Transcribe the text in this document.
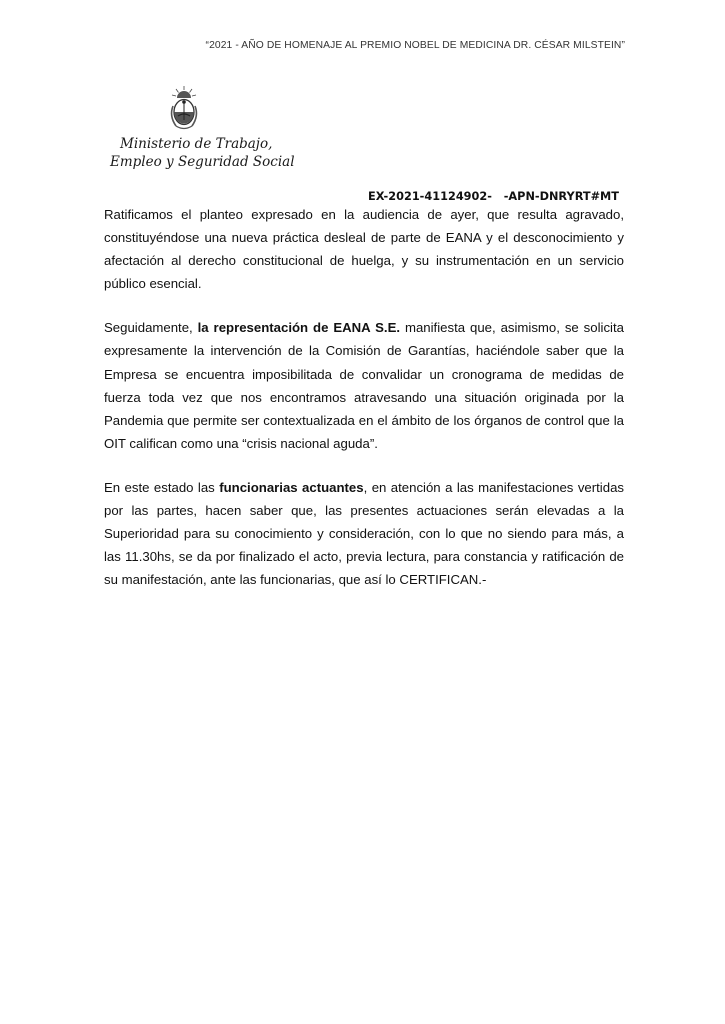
“2021 - AÑO DE HOMENAJE AL PREMIO NOBEL DE MEDICINA DR. CÉSAR MILSTEIN”
Ministerio de Trabajo,
Empleo y Seguridad Social
EX-2021-41124902-   -APN-DNRYRT#MT

Ratificamos el planteo expresado en la audiencia de ayer, que resulta agravado, constituyéndose una nueva práctica desleal de parte de EANA y el desconocimiento y afectación al derecho constitucional de huelga, y su instrumentación en un servicio público esencial.

Seguidamente, la representación de EANA S.E. manifiesta que, asimismo, se solicita expresamente la intervención de la Comisión de Garantías, haciéndole saber que la Empresa se encuentra imposibilitada de convalidar un cronograma de medidas de fuerza toda vez que nos encontramos atravesando una situación originada por la Pandemia que permite ser contextualizada en el ámbito de los órganos de control que la OIT califican como una “crisis nacional aguda”.

En este estado las funcionarias actuantes, en atención a las manifestaciones vertidas por las partes, hacen saber que, las presentes actuaciones serán elevadas a la Superioridad para su conocimiento y consideración, con lo que no siendo para más, a las 11.30hs, se da por finalizado el acto, previa lectura, para constancia y ratificación de su manifestación, ante las funcionarias, que así lo CERTIFICAN.-
